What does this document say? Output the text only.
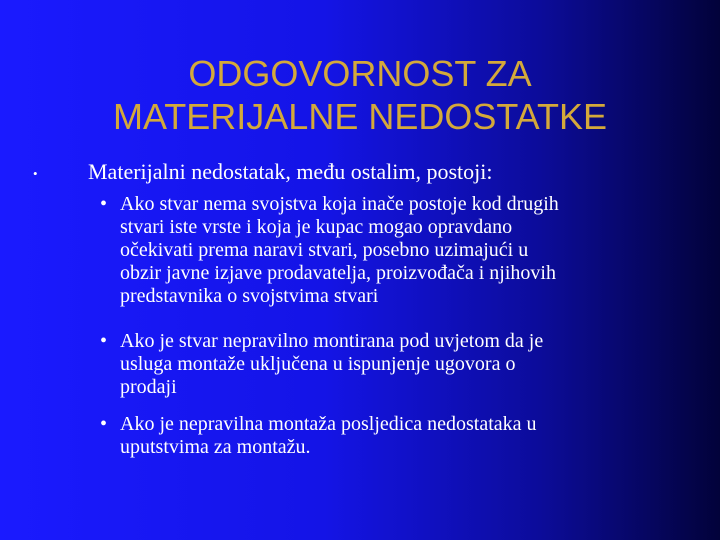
ODGOVORNOST ZA
MATERIJALNE NEDOSTATKE
• Materijalni nedostatak, među ostalim, postoji:
• Ako stvar nema svojstva koja inače postoje kod drugih
stvari iste vrste i koja je kupac mogao opravdano
očekivati prema naravi stvari, posebno uzimajući u
obzir javne izjave prodavatelja, proizvođača i njihovih
predstavnika o svojstvima stvari
• Ako je stvar nepravilno montirana pod uvjetom da je
usluga montaže uključena u ispunjenje ugovora o
prodaji
• Ako je nepravilna montaža posljedica nedostataka u
uputstvima za montažu.
